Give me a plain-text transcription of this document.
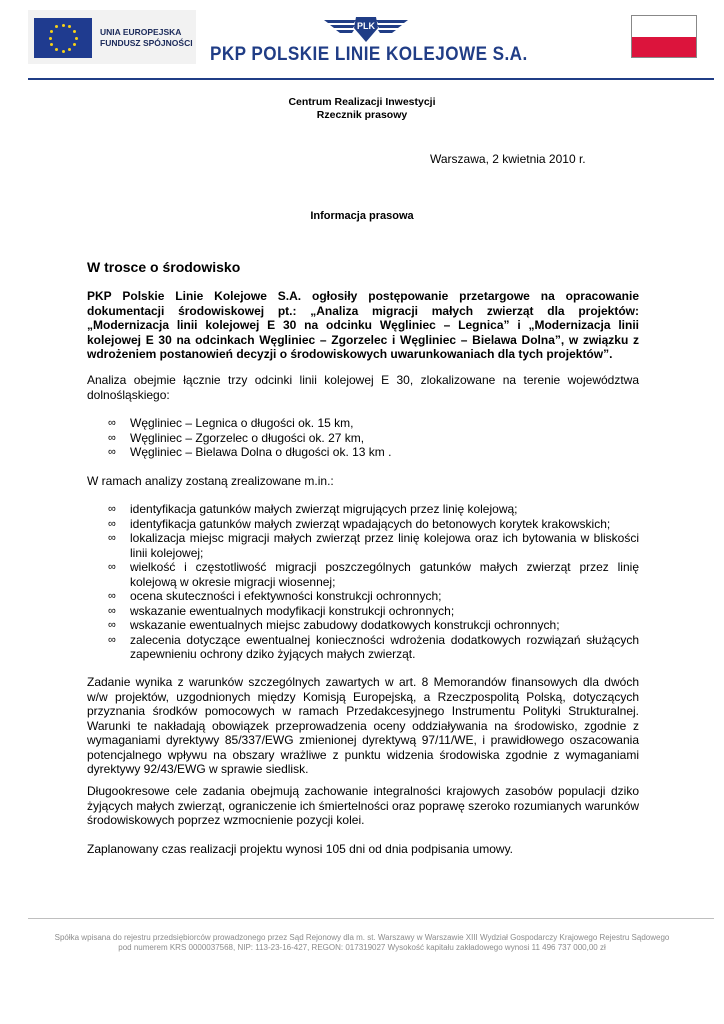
UNIA EUROPEJSKA
FUNDUSZ SPÓJNOŚCI
PLK
PKP POLSKIE LINIE KOLEJOWE S.A.
Centrum Realizacji Inwestycji
Rzecznik prasowy
Warszawa, 2 kwietnia 2010 r.
Informacja prasowa
W trosce o środowisko
PKP Polskie Linie Kolejowe S.A. ogłosiły postępowanie przetargowe na opracowanie dokumentacji środowiskowej pt.: „Analiza migracji małych zwierząt dla projektów: „Modernizacja linii kolejowej E 30 na odcinku Węgliniec – Legnica” i „Modernizacja linii kolejowej E 30 na odcinkach Węgliniec – Zgorzelec i Węgliniec – Bielawa Dolna”, w związku z wdrożeniem postanowień decyzji o środowiskowych uwarunkowaniach dla tych projektów”.
Analiza obejmie łącznie trzy odcinki linii kolejowej E 30, zlokalizowane na terenie województwa dolnośląskiego:
∞ Węgliniec – Legnica o długości ok. 15 km,
∞ Węgliniec – Zgorzelec o długości ok. 27 km,
∞ Węgliniec – Bielawa Dolna o długości ok. 13 km .
W ramach analizy zostaną zrealizowane m.in.:
∞ identyfikacja gatunków małych zwierząt migrujących przez linię kolejową;
∞ identyfikacja gatunków małych zwierząt wpadających do betonowych korytek krakowskich;
∞ lokalizacja miejsc migracji małych zwierząt przez linię kolejowa oraz ich bytowania w bliskości linii kolejowej;
∞ wielkość i częstotliwość migracji poszczególnych gatunków małych zwierząt przez linię kolejową w okresie migracji wiosennej;
∞ ocena skuteczności i efektywności konstrukcji ochronnych;
∞ wskazanie ewentualnych modyfikacji konstrukcji ochronnych;
∞ wskazanie ewentualnych miejsc zabudowy dodatkowych konstrukcji ochronnych;
∞ zalecenia dotyczące ewentualnej konieczności wdrożenia dodatkowych rozwiązań służących zapewnieniu ochrony dziko żyjących małych zwierząt.
Zadanie wynika z warunków szczególnych zawartych w art. 8 Memorandów finansowych dla dwóch w/w projektów, uzgodnionych między Komisją Europejską, a Rzeczpospolitą Polską, dotyczących przyznania środków pomocowych w ramach Przedakcesyjnego Instrumentu Polityki Strukturalnej. Warunki te nakładają obowiązek przeprowadzenia oceny oddziaływania na środowisko, zgodnie z wymaganiami dyrektywy 85/337/EWG zmienionej dyrektywą 97/11/WE, i prawidłowego oszacowania potencjalnego wpływu na obszary wrażliwe z punktu widzenia środowiska zgodnie z wymaganiami dyrektywy 92/43/EWG w sprawie siedlisk.
Długookresowe cele zadania obejmują zachowanie integralności krajowych zasobów populacji dziko żyjących małych zwierząt, ograniczenie ich śmiertelności oraz poprawę szeroko rozumianych warunków środowiskowych poprzez wzmocnienie pozycji kolei.
Zaplanowany czas realizacji projektu wynosi 105 dni od dnia podpisania umowy.
Spółka wpisana do rejestru przedsiębiorców prowadzonego przez Sąd Rejonowy dla m. st. Warszawy w Warszawie XIII Wydział Gospodarczy Krajowego Rejestru Sądowego
pod numerem KRS 0000037568, NIP: 113-23-16-427, REGON: 017319027 Wysokość kapitału zakładowego wynosi 11 496 737 000,00 zł
